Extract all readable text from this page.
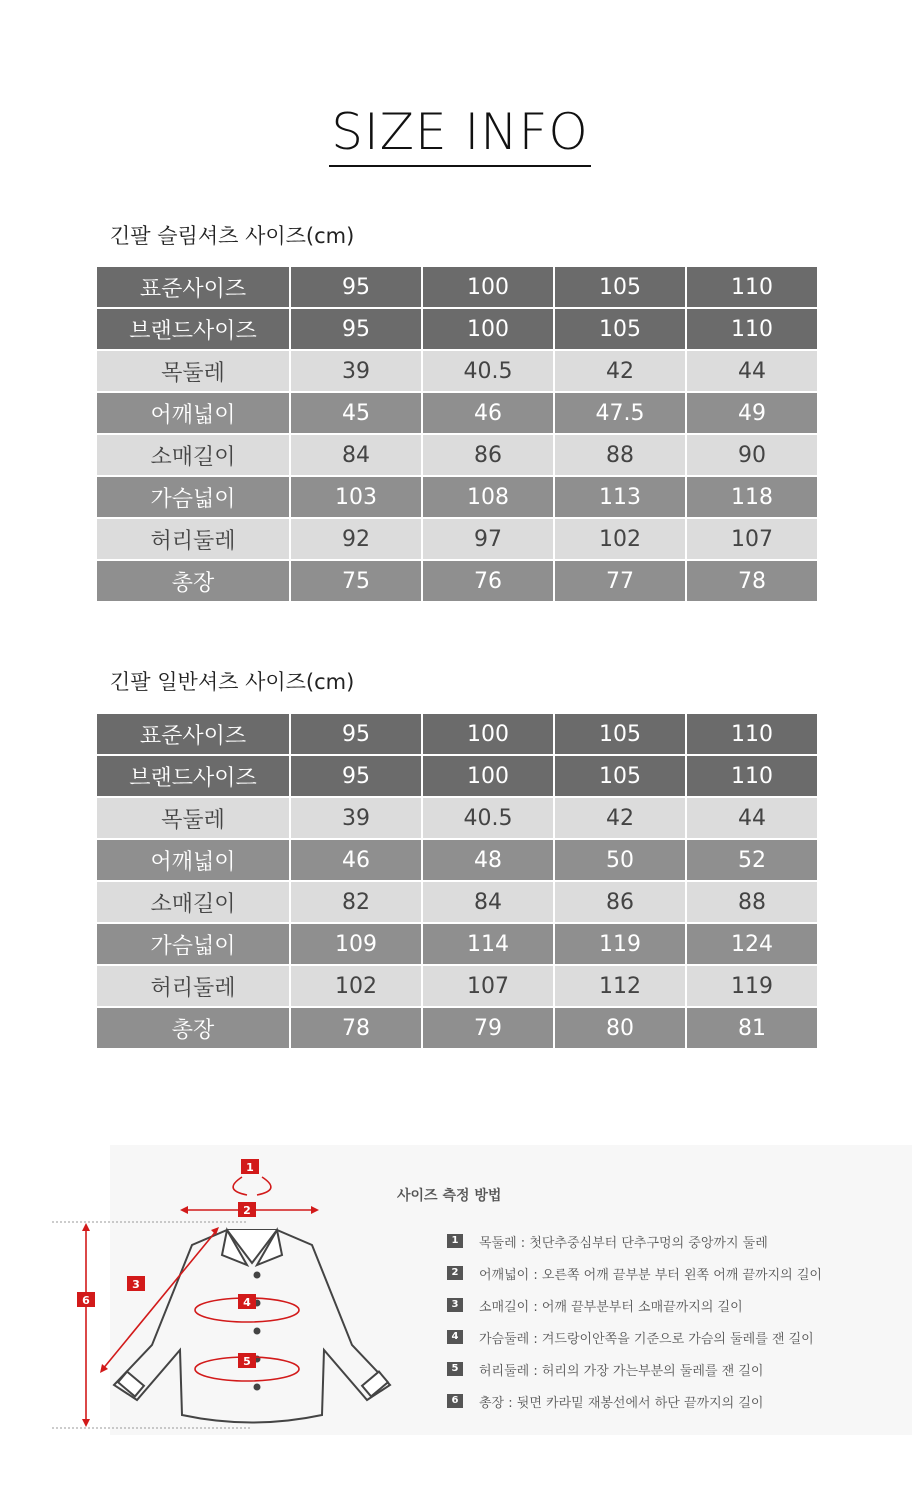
SIZE INFO
긴팔 슬림셔츠 사이즈(cm)
표준사이즈	95	100	105	110
브랜드사이즈	95	100	105	110
목둘레	39	40.5	42	44
어깨넓이	45	46	47.5	49
소매길이	84	86	88	90
가슴넓이	103	108	113	118
허리둘레	92	97	102	107
총장	75	76	77	78
긴팔 일반셔츠 사이즈(cm)
표준사이즈	95	100	105	110
브랜드사이즈	95	100	105	110
목둘레	39	40.5	42	44
어깨넓이	46	48	50	52
소매길이	82	84	86	88
가슴넓이	109	114	119	124
허리둘레	102	107	112	119
총장	78	79	80	81
1
2
3
4
5
6
사이즈 측정 방법
1	목둘레 : 첫단추중심부터 단추구멍의 중앙까지 둘레
2	어깨넓이 : 오른쪽 어깨 끝부분 부터 왼쪽 어깨 끝까지의 길이
3	소매길이 : 어깨 끝부분부터 소매끝까지의 길이
4	가슴둘레 : 겨드랑이안쪽을 기준으로 가슴의 둘레를 잰 길이
5	허리둘레 : 허리의 가장 가는부분의 둘레를 잰 길이
6	총장 : 뒷면 카라밑 재봉선에서 하단 끝까지의 길이
